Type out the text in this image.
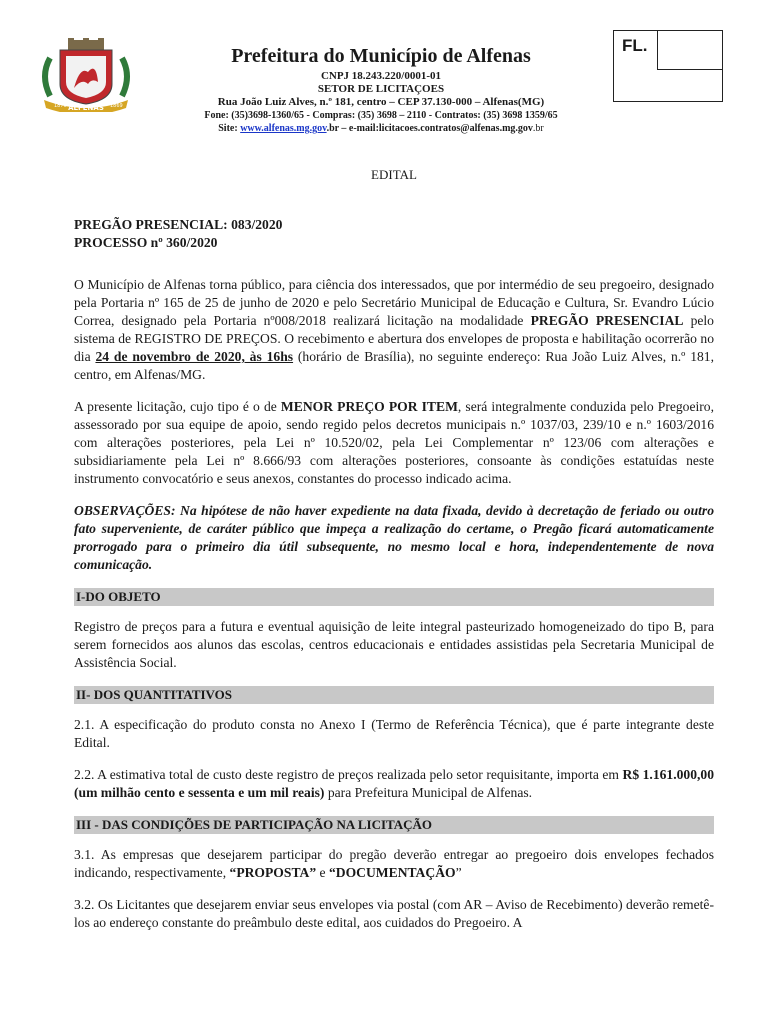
ALFENAS
1870	1869
Prefeitura do Município de Alfenas
CNPJ 18.243.220/0001-01
SETOR DE LICITAÇOES
Rua João Luiz Alves, n.º 181, centro – CEP 37.130-000 – Alfenas(MG)
Fone: (35)3698-1360/65 - Compras: (35) 3698 – 2110 - Contratos: (35) 3698 1359/65
Site: www.alfenas.mg.gov.br – e-mail:licitacoes.contratos@alfenas.mg.gov.br
FL.
EDITAL
PREGÃO PRESENCIAL: 083/2020
PROCESSO nº 360/2020
O Município de Alfenas torna público, para ciência dos interessados, que por intermédio de seu pregoeiro, designado pela Portaria nº 165 de 25 de junho de 2020 e pelo Secretário Municipal de Educação e Cultura, Sr. Evandro Lúcio Correa, designado pela Portaria nº008/2018 realizará licitação na modalidade PREGÃO PRESENCIAL pelo sistema de REGISTRO DE PREÇOS. O recebimento e abertura dos envelopes de proposta e habilitação ocorrerão no dia 24 de novembro de 2020, às 16hs (horário de Brasília), no seguinte endereço: Rua João Luiz Alves, n.º 181, centro, em Alfenas/MG.
A presente licitação, cujo tipo é o de MENOR PREÇO POR ITEM, será integralmente conduzida pelo Pregoeiro, assessorado por sua equipe de apoio, sendo regido pelos decretos municipais n.º 1037/03, 239/10 e n.º 1603/2016 com alterações posteriores, pela Lei nº 10.520/02, pela Lei Complementar nº 123/06 com alterações e subsidiariamente pela Lei nº 8.666/93 com alterações posteriores, consoante às condições estatuídas neste instrumento convocatório e seus anexos, constantes do processo indicado acima.
OBSERVAÇÕES: Na hipótese de não haver expediente na data fixada, devido à decretação de feriado ou outro fato superveniente, de caráter público que impeça a realização do certame, o Pregão ficará automaticamente prorrogado para o primeiro dia útil subsequente, no mesmo local e hora, independentemente de nova comunicação.
I-DO OBJETO
Registro de preços para a futura e eventual aquisição de leite integral pasteurizado homogeneizado do tipo B, para serem fornecidos aos alunos das escolas, centros educacionais e entidades assistidas pela Secretaria Municipal de Assistência Social.
II- DOS QUANTITATIVOS
2.1. A especificação do produto consta no Anexo I (Termo de Referência Técnica), que é parte integrante deste Edital.
2.2. A estimativa total de custo deste registro de preços realizada pelo setor requisitante, importa em R$ 1.161.000,00 (um milhão cento e sessenta e um mil reais) para Prefeitura Municipal de Alfenas.
III - DAS CONDIÇÕES DE PARTICIPAÇÃO NA LICITAÇÃO
3.1. As empresas que desejarem participar do pregão deverão entregar ao pregoeiro dois envelopes fechados indicando, respectivamente, “PROPOSTA” e “DOCUMENTAÇÃO”
3.2. Os Licitantes que desejarem enviar seus envelopes via postal (com AR – Aviso de Recebimento) deverão remetê-los ao endereço constante do preâmbulo deste edital, aos cuidados do Pregoeiro. A
